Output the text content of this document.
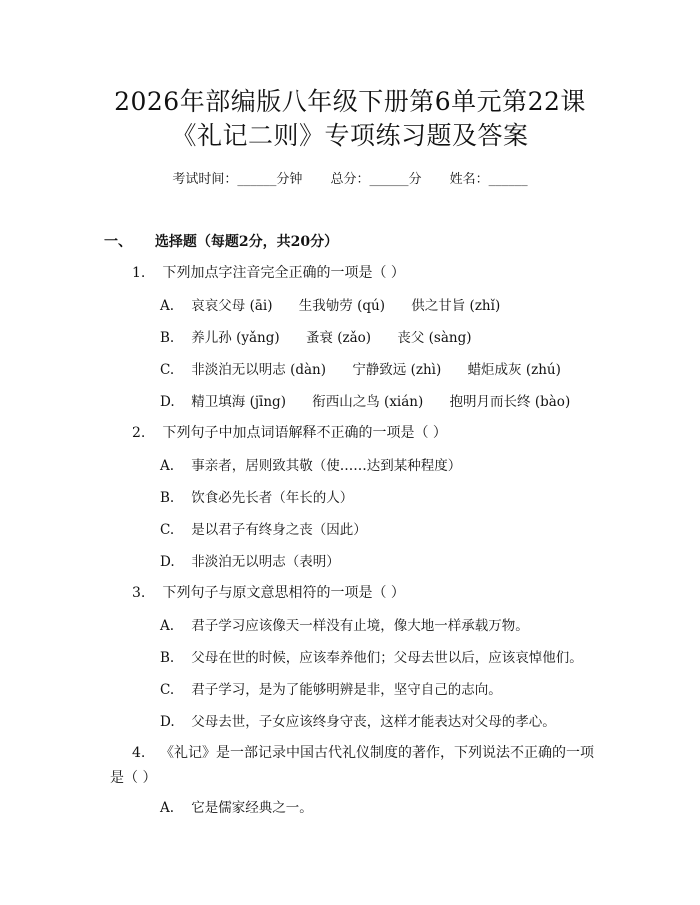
2026年部编版八年级下册第6单元第22课
《礼记二则》专项练习题及答案
考试时间：______分钟 总分：______分 姓名：______
一、 选择题（每题2分，共20分）
1. 下列加点字注音完全正确的一项是（ ）
A. 哀哀父母 (āi) 生我劬劳 (qú) 供之甘旨 (zhǐ)
B. 养儿孙 (yǎng) 蚤衰 (zǎo) 丧父 (sàng)
C. 非淡泊无以明志 (dàn) 宁静致远 (zhì) 蜡炬成灰 (zhú)
D. 精卫填海 (jīng) 衔西山之鸟 (xián) 抱明月而长终 (bào)
2. 下列句子中加点词语解释不正确的一项是（ ）
A. 事亲者，居则致其敬（使……达到某种程度）
B. 饮食必先长者（年长的人）
C. 是以君子有终身之丧（因此）
D. 非淡泊无以明志（表明）
3. 下列句子与原文意思相符的一项是（ ）
A. 君子学习应该像天一样没有止境，像大地一样承载万物。
B. 父母在世的时候，应该奉养他们；父母去世以后，应该哀悼他们。
C. 君子学习，是为了能够明辨是非，坚守自己的志向。
D. 父母去世，子女应该终身守丧，这样才能表达对父母的孝心。
4. 《礼记》是一部记录中国古代礼仪制度的著作，下列说法不正确的一项是（ ）
A. 它是儒家经典之一。
